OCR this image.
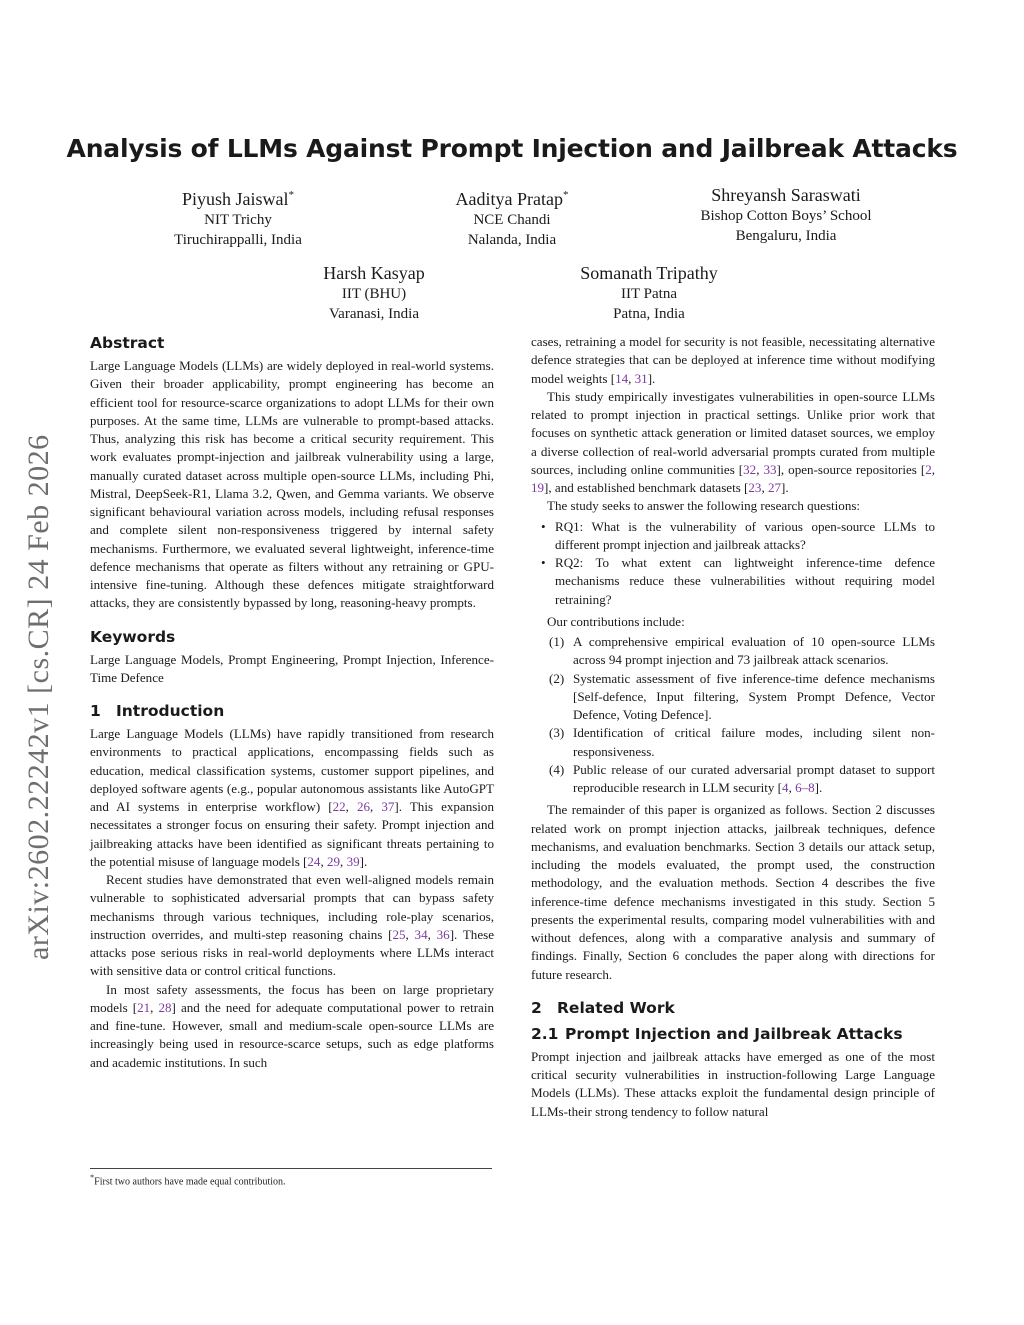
arXiv:2602.22242v1 [cs.CR] 24 Feb 2026
Analysis of LLMs Against Prompt Injection and Jailbreak Attacks
Piyush Jaiswal*
NIT Trichy
Tiruchirappalli, India
Aaditya Pratap*
NCE Chandi
Nalanda, India
Shreyansh Saraswati
Bishop Cotton Boys’ School
Bengaluru, India
Harsh Kasyap
IIT (BHU)
Varanasi, India
Somanath Tripathy
IIT Patna
Patna, India
Abstract

Large Language Models (LLMs) are widely deployed in real-world systems. Given their broader applicability, prompt engineering has become an efficient tool for resource-scarce organizations to adopt LLMs for their own purposes. At the same time, LLMs are vulnerable to prompt-based attacks. Thus, analyzing this risk has become a critical security requirement. This work evaluates prompt-injection and jailbreak vulnerability using a large, manually curated dataset across multiple open-source LLMs, including Phi, Mistral, DeepSeek-R1, Llama 3.2, Qwen, and Gemma variants. We observe significant behavioural variation across models, including refusal responses and complete silent non-responsiveness triggered by internal safety mechanisms. Furthermore, we evaluated several lightweight, inference-time defence mechanisms that operate as filters without any retraining or GPU-intensive fine-tuning. Although these defences mitigate straightforward attacks, they are consistently bypassed by long, reasoning-heavy prompts.

Keywords

Large Language Models, Prompt Engineering, Prompt Injection, Inference-Time Defence

1 Introduction

Large Language Models (LLMs) have rapidly transitioned from research environments to practical applications, encompassing fields such as education, medical classification systems, customer support pipelines, and deployed software agents (e.g., popular autonomous assistants like AutoGPT and AI systems in enterprise workflow) [22, 26, 37]. This expansion necessitates a stronger focus on ensuring their safety. Prompt injection and jailbreaking attacks have been identified as significant threats pertaining to the potential misuse of language models [24, 29, 39].

Recent studies have demonstrated that even well-aligned models remain vulnerable to sophisticated adversarial prompts that can bypass safety mechanisms through various techniques, including role-play scenarios, instruction overrides, and multi-step reasoning chains [25, 34, 36]. These attacks pose serious risks in real-world deployments where LLMs interact with sensitive data or control critical functions.

In most safety assessments, the focus has been on large proprietary models [21, 28] and the need for adequate computational power to retrain and fine-tune. However, small and medium-scale open-source LLMs are increasingly being used in resource-scarce setups, such as edge platforms and academic institutions. In such

*First two authors have made equal contribution.

cases, retraining a model for security is not feasible, necessitating alternative defence strategies that can be deployed at inference time without modifying model weights [14, 31].

This study empirically investigates vulnerabilities in open-source LLMs related to prompt injection in practical settings. Unlike prior work that focuses on synthetic attack generation or limited dataset sources, we employ a diverse collection of real-world adversarial prompts curated from multiple sources, including online communities [32, 33], open-source repositories [2, 19], and established benchmark datasets [23, 27].

The study seeks to answer the following research questions:

• RQ1: What is the vulnerability of various open-source LLMs to different prompt injection and jailbreak attacks?
• RQ2: To what extent can lightweight inference-time defence mechanisms reduce these vulnerabilities without requiring model retraining?

Our contributions include:

(1) A comprehensive empirical evaluation of 10 open-source LLMs across 94 prompt injection and 73 jailbreak attack scenarios.
(2) Systematic assessment of five inference-time defence mechanisms [Self-defence, Input filtering, System Prompt Defence, Vector Defence, Voting Defence].
(3) Identification of critical failure modes, including silent non-responsiveness.
(4) Public release of our curated adversarial prompt dataset to support reproducible research in LLM security [4, 6–8].

The remainder of this paper is organized as follows. Section 2 discusses related work on prompt injection attacks, jailbreak techniques, defence mechanisms, and evaluation benchmarks. Section 3 details our attack setup, including the models evaluated, the prompt used, the construction methodology, and the evaluation methods. Section 4 describes the five inference-time defence mechanisms investigated in this study. Section 5 presents the experimental results, comparing model vulnerabilities with and without defences, along with a comparative analysis and summary of findings. Finally, Section 6 concludes the paper along with directions for future research.

2 Related Work
2.1 Prompt Injection and Jailbreak Attacks

Prompt injection and jailbreak attacks have emerged as one of the most critical security vulnerabilities in instruction-following Large Language Models (LLMs). These attacks exploit the fundamental design principle of LLMs-their strong tendency to follow natural
